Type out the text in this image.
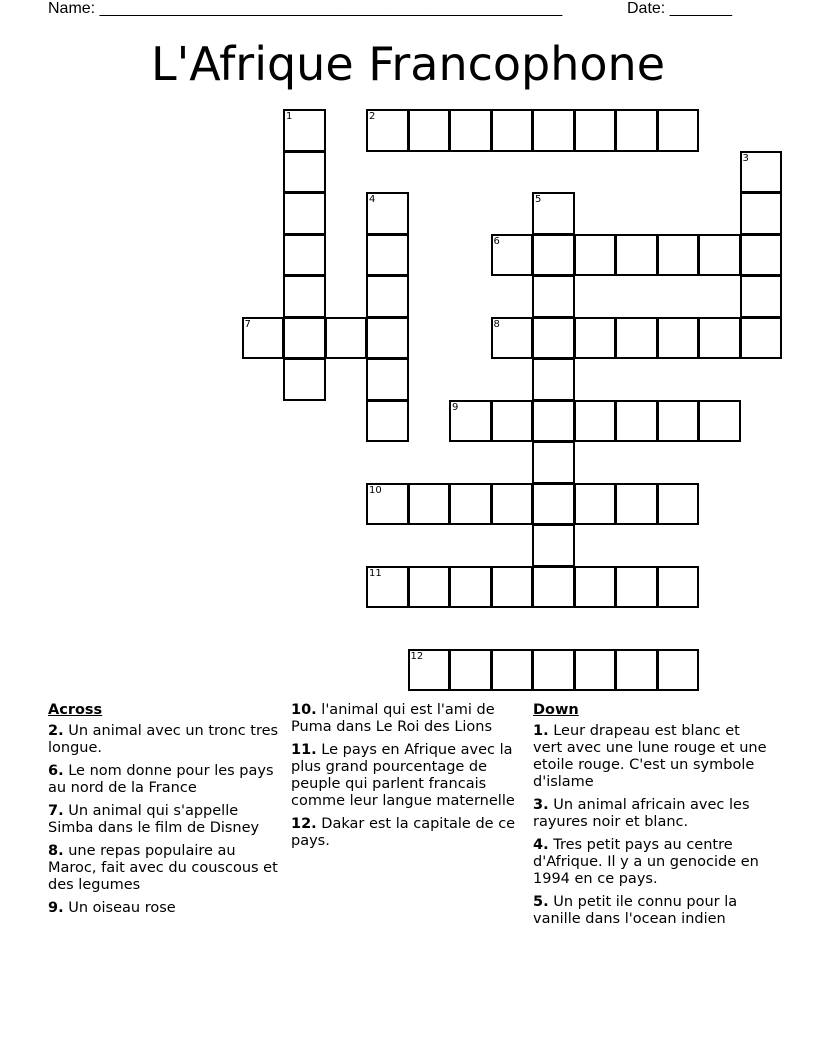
Name: ____________________________________________________	Date: _______
L'Afrique Francophone
1	2
3
4	5
6
7	8
9
10
11
12
Across
2. Un animal avec un tronc tres longue.
6. Le nom donne pour les pays au nord de la France
7. Un animal qui s'appelle Simba dans le film de Disney
8. une repas populaire au Maroc, fait avec du couscous et des legumes
9. Un oiseau rose
10. l'animal qui est l'ami de Puma dans Le Roi des Lions
11. Le pays en Afrique avec la plus grand pourcentage de peuple qui parlent francais comme leur langue maternelle
12. Dakar est la capitale de ce pays.
Down
1. Leur drapeau est blanc et vert avec une lune rouge et une etoile rouge. C'est un symbole d'islame
3. Un animal africain avec les rayures noir et blanc.
4. Tres petit pays au centre d'Afrique. Il y a un genocide en 1994 en ce pays.
5. Un petit ile connu pour la vanille dans l'ocean indien
